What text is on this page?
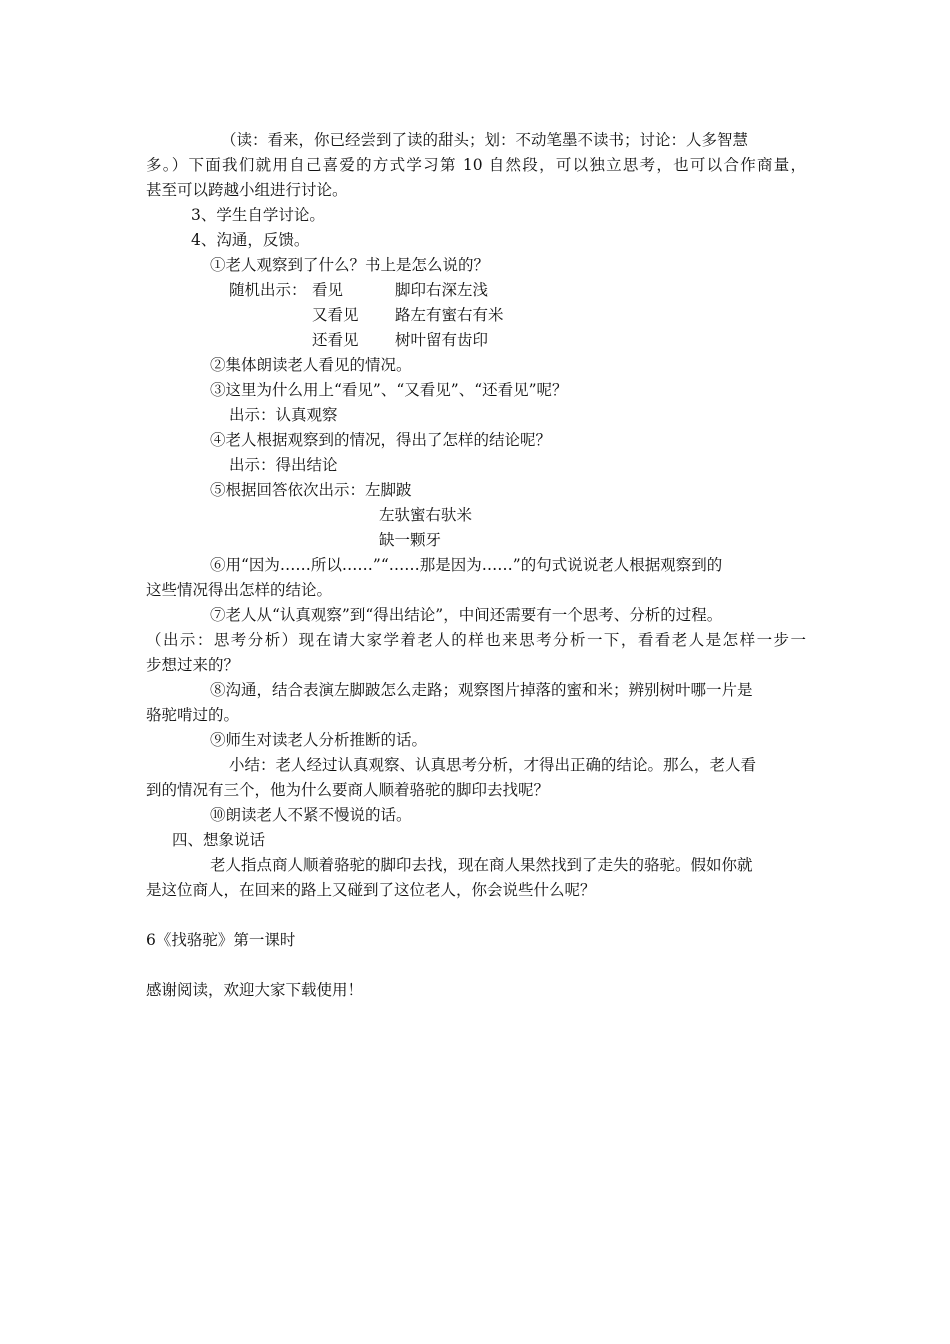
（读：看来，你已经尝到了读的甜头；划：不动笔墨不读书；讨论：人多智慧
多。）下面我们就用自己喜爱的方式学习第 10 自然段，可以独立思考，也可以合作商量，
甚至可以跨越小组进行讨论。
3、学生自学讨论。
4、沟通，反馈。
①老人观察到了什么？书上是怎么说的？
随机出示： 看见	脚印右深左浅
又看见 路左有蜜右有米
还看见 树叶留有齿印
②集体朗读老人看见的情况。
③这里为什么用上“看见”、“又看见”、“还看见”呢？
出示：认真观察
④老人根据观察到的情况，得出了怎样的结论呢？
出示：得出结论
⑤根据回答依次出示：左脚跛
左驮蜜右驮米
缺一颗牙
⑥用“因为……所以……”“……那是因为……”的句式说说老人根据观察到的
这些情况得出怎样的结论。
⑦老人从“认真观察”到“得出结论”，中间还需要有一个思考、分析的过程。
（出示：思考分析）现在请大家学着老人的样也来思考分析一下，看看老人是怎样一步一
步想过来的？
⑧沟通，结合表演左脚跛怎么走路；观察图片掉落的蜜和米；辨别树叶哪一片是
骆驼啃过的。
⑨师生对读老人分析推断的话。
小结：老人经过认真观察、认真思考分析，才得出正确的结论。那么，老人看
到的情况有三个，他为什么要商人顺着骆驼的脚印去找呢？
⑩朗读老人不紧不慢说的话。
四、想象说话
老人指点商人顺着骆驼的脚印去找，现在商人果然找到了走失的骆驼。假如你就
是这位商人，在回来的路上又碰到了这位老人，你会说些什么呢？
6《找骆驼》第一课时
感谢阅读，欢迎大家下载使用！
